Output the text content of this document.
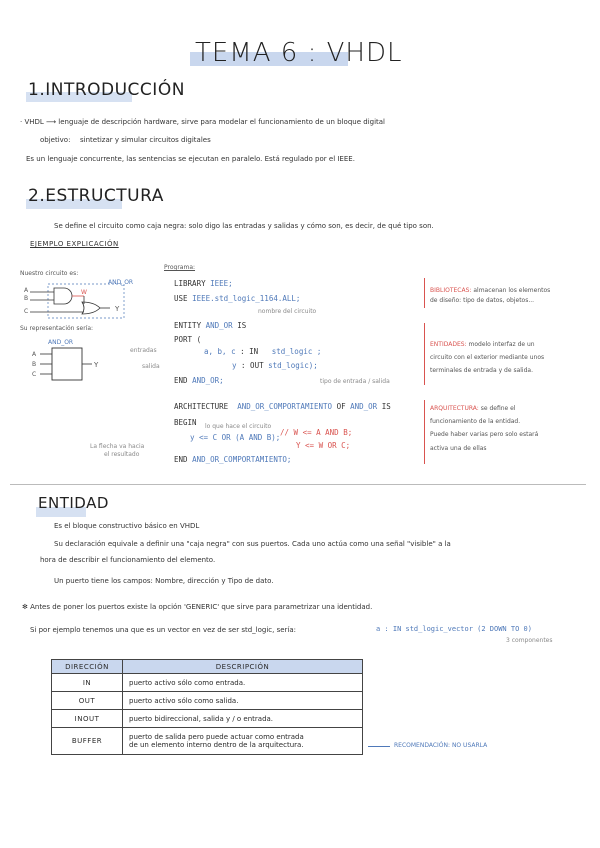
TEMA 6 : VHDL
1.INTRODUCCIÓN
· VHDL ⟶ lenguaje de descripción hardware, sirve para modelar el funcionamiento de un bloque digital
objetivo: sintetizar y simular circuitos digitales
Es un lenguaje concurrente, las sentencias se ejecutan en paralelo. Está regulado por el IEEE.
2.ESTRUCTURA
Se define el circuito como caja negra: solo digo las entradas y salidas y cómo son, es decir, de qué tipo son.
EJEMPLO EXPLICACIÓN
Nuestro circuito es:
AND_OR
A
B
C
W
Y
Su representación sería:
AND_OR
A
B
C
Y
Programa:
LIBRARY IEEE;
USE IEEE.std_logic_1164.ALL;
nombre del circuito
ENTITY AND_OR IS
PORT (
entradas	a, b, c : IN std_logic ;
salida	y : OUT std_logic);
tipo de entrada / salida
END AND_OR;
ARCHITECTURE AND_OR_COMPORTAMIENTO OF AND_OR IS
BEGIN lo que hace el circuito
y <= C OR (A AND B);
// W <= A AND B;
Y <= W OR C;
La flecha va hacia
el resultado
END AND_OR_COMPORTAMIENTO;
BIBLIOTECAS: almacenan los elementos
de diseño: tipo de datos, objetos...
ENTIDADES: modelo interfaz de un
circuito con el exterior mediante unos
terminales de entrada y de salida.
ARQUITECTURA: se define el
funcionamiento de la entidad.
Puede haber varias pero solo estará
activa una de ellas
ENTIDAD
Es el bloque constructivo básico en VHDL
Su declaración equivale a definir una "caja negra" con sus puertos. Cada uno actúa como una señal "visible" a la
hora de describir el funcionamiento del elemento.
Un puerto tiene los campos: Nombre, dirección y Tipo de dato.
✻ Antes de poner los puertos existe la opción 'GENERIC' que sirve para parametrizar una identidad.
Si por ejemplo tenemos una que es un vector en vez de ser std_logic, sería:	a : IN std_logic_vector (2 DOWN TO 0)
3 componentes
DIRECCIÓN	DESCRIPCIÓN
IN	puerto activo sólo como entrada.
OUT	puerto activo sólo como salida.
INOUT	puerto bidireccional, salida y / o entrada.
BUFFER	puerto de salida pero puede actuar como entrada
de un elemento interno dentro de la arquitectura.	RECOMENDACIÓN: NO USARLA
